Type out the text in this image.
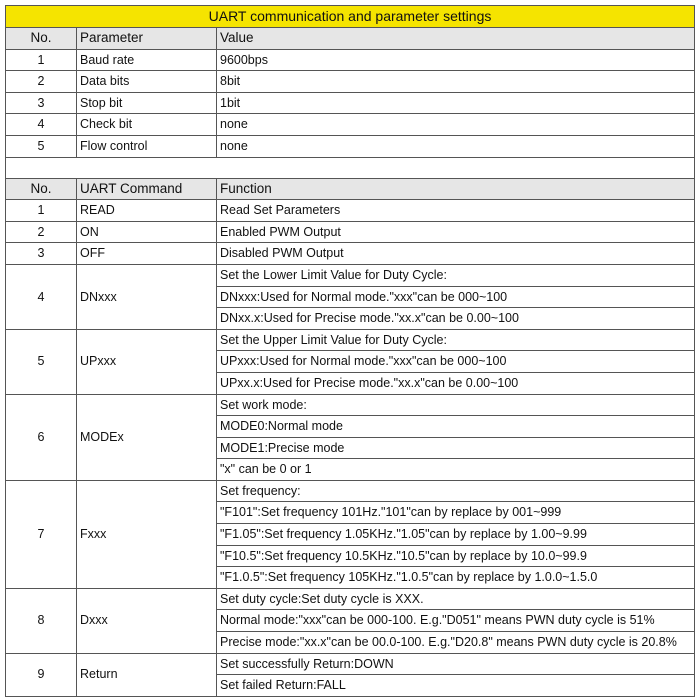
UART communication and parameter settings		
No.	Parameter	Value
1	Baud rate	9600bps
2	Data bits	8bit
3	Stop bit	1bit
4	Check bit	none
5	Flow control	none

No.	UART Command	Function
1	READ	Read Set Parameters
2	ON	Enabled PWM Output
3	OFF	Disabled PWM Output
4	DNxxx	Set the Lower Limit Value for Duty Cycle:
		DNxxx:Used for Normal mode."xxx"can be 000~100
		DNxx.x:Used for Precise mode."xx.x"can be 0.00~100
5	UPxxx	Set the Upper Limit Value for Duty Cycle:
		UPxxx:Used for Normal mode."xxx"can be 000~100
		UPxx.x:Used for Precise mode."xx.x"can be 0.00~100
6	MODEx	Set work mode:
		MODE0:Normal mode
		MODE1:Precise mode
		"x" can be 0 or 1
7	Fxxx	Set frequency:
		"F101":Set frequency 101Hz."101"can by replace by 001~999
		"F1.05":Set frequency 1.05KHz."1.05"can by replace by 1.00~9.99
		"F10.5":Set frequency 10.5KHz."10.5"can by replace by 10.0~99.9
		"F1.0.5":Set frequency 105KHz."1.0.5"can by replace by 1.0.0~1.5.0
8	Dxxx	Set duty cycle:Set duty cycle is XXX.
		Normal mode:"xxx"can be 000-100. E.g."D051" means PWN duty cycle is 51%
		Precise mode:"xx.x"can be 00.0-100. E.g."D20.8" means PWN duty cycle is 20.8%
9	Return	Set successfully Return:DOWN
		Set failed Return:FALL
